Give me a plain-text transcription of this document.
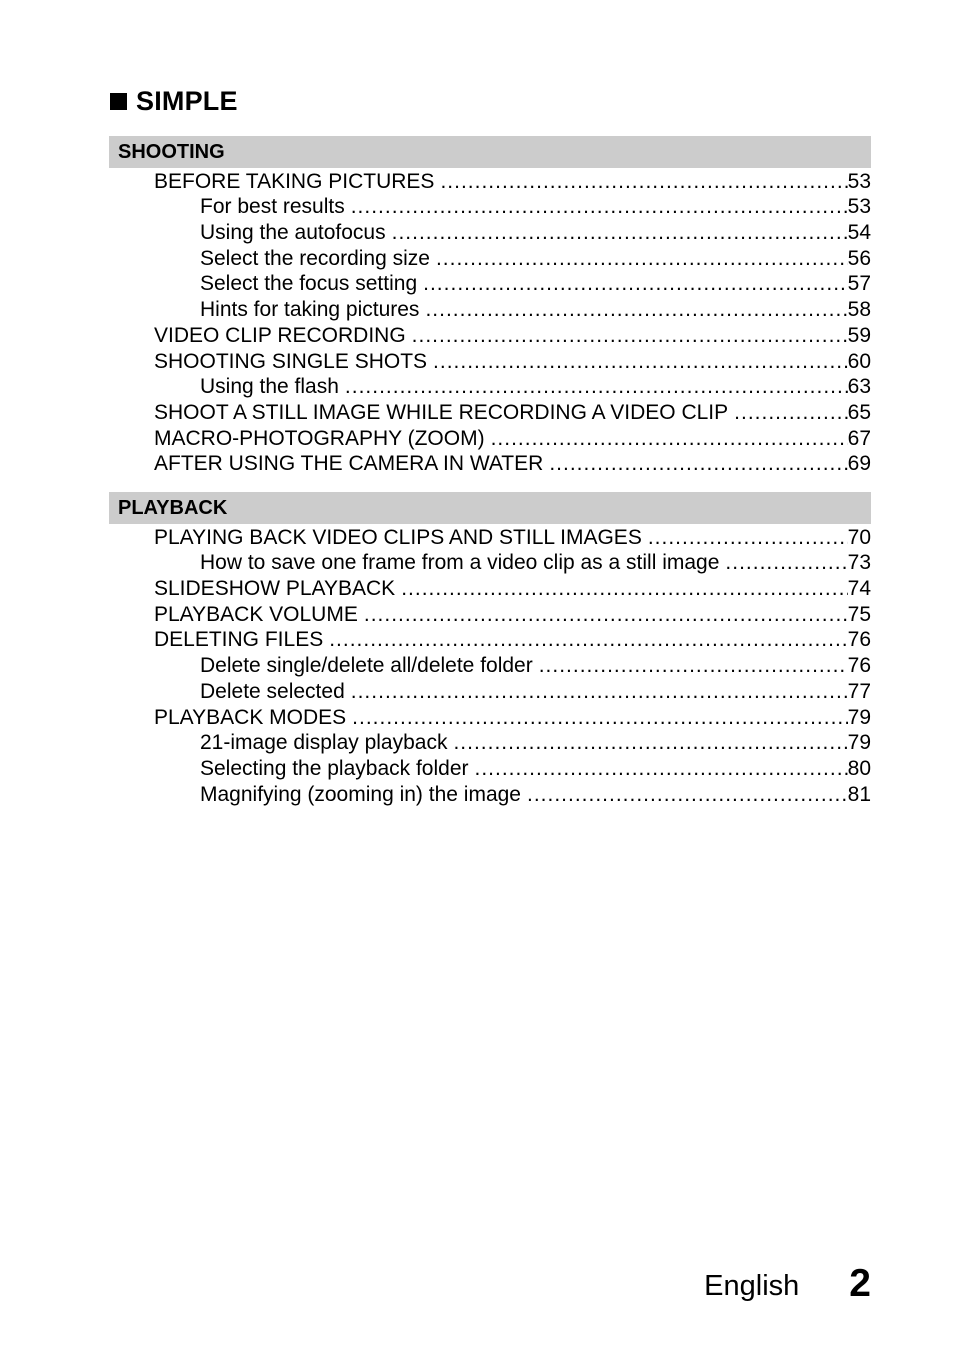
SIMPLE
SHOOTING
BEFORE TAKING PICTURES .....	53
For best results .....	53
Using the autofocus .....	54
Select the recording size .....	56
Select the focus setting .....	57
Hints for taking pictures .....	58
VIDEO CLIP RECORDING .....	59
SHOOTING SINGLE SHOTS .....	60
Using the flash .....	63
SHOOT A STILL IMAGE WHILE RECORDING A VIDEO CLIP .....	65
MACRO-PHOTOGRAPHY (ZOOM) .....	67
AFTER USING THE CAMERA IN WATER .....	69
PLAYBACK
PLAYING BACK VIDEO CLIPS AND STILL IMAGES .....	70
How to save one frame from a video clip as a still image .....	73
SLIDESHOW PLAYBACK .....	74
PLAYBACK VOLUME .....	75
DELETING FILES .....	76
Delete single/delete all/delete folder .....	76
Delete selected .....	77
PLAYBACK MODES .....	79
21-image display playback .....	79
Selecting the playback folder .....	80
Magnifying (zooming in) the image .....	81
English 2
